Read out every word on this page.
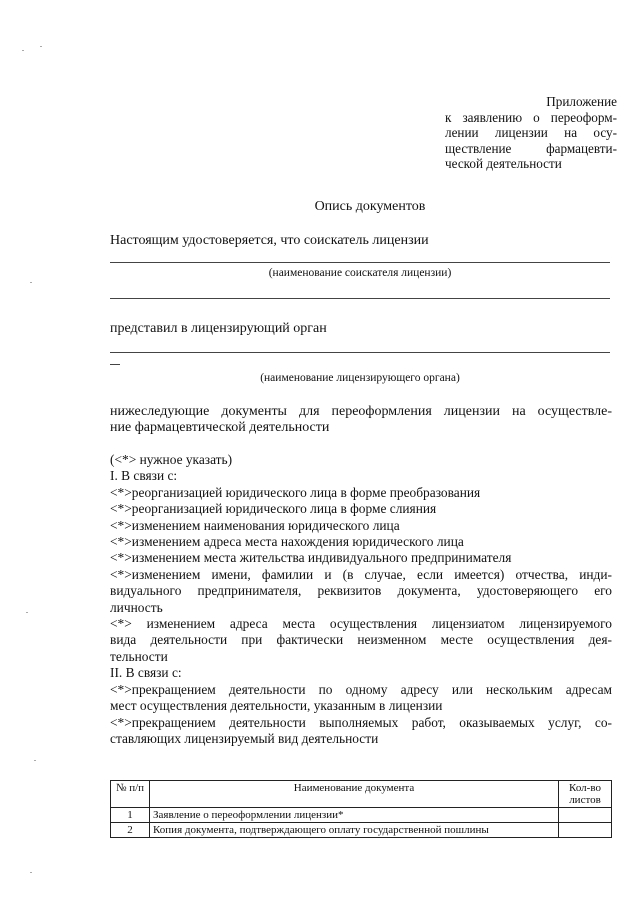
Приложение
к заявлению о переоформ-
лении лицензии на осу-
ществление фармацевти-
ческой деятельности
Опись документов
Настоящим удостоверяется, что соискатель лицензии
(наименование соискателя лицензии)
представил в лицензирующий орган
(наименование лицензирующего органа)
нижеследующие документы для переоформления лицензии на осуществле-
ние фармацевтической деятельности
(<*> нужное указать)
I. В связи с:
<*>реорганизацией юридического лица в форме преобразования
<*>реорганизацией юридического лица в форме слияния
<*>изменением наименования юридического лица
<*>изменением адреса места нахождения юридического лица
<*>изменением места жительства индивидуального предпринимателя
<*>изменением имени, фамилии и (в случае, если имеется) отчества, инди-
видуального предпринимателя, реквизитов документа, удостоверяющего его
личность
<*> изменением адреса места осуществления лицензиатом лицензируемого
вида деятельности при фактически неизменном месте осуществления дея-
тельности
II. В связи с:
<*>прекращением деятельности по одному адресу или нескольким адресам
мест осуществления деятельности, указанным в лицензии
<*>прекращением деятельности выполняемых работ, оказываемых услуг, со-
ставляющих лицензируемый вид деятельности
№ п/п	Наименование документа	Кол-во листов
1	Заявление о переоформлении лицензии*	
2	Копия документа, подтверждающего оплату государственной пошлины	
